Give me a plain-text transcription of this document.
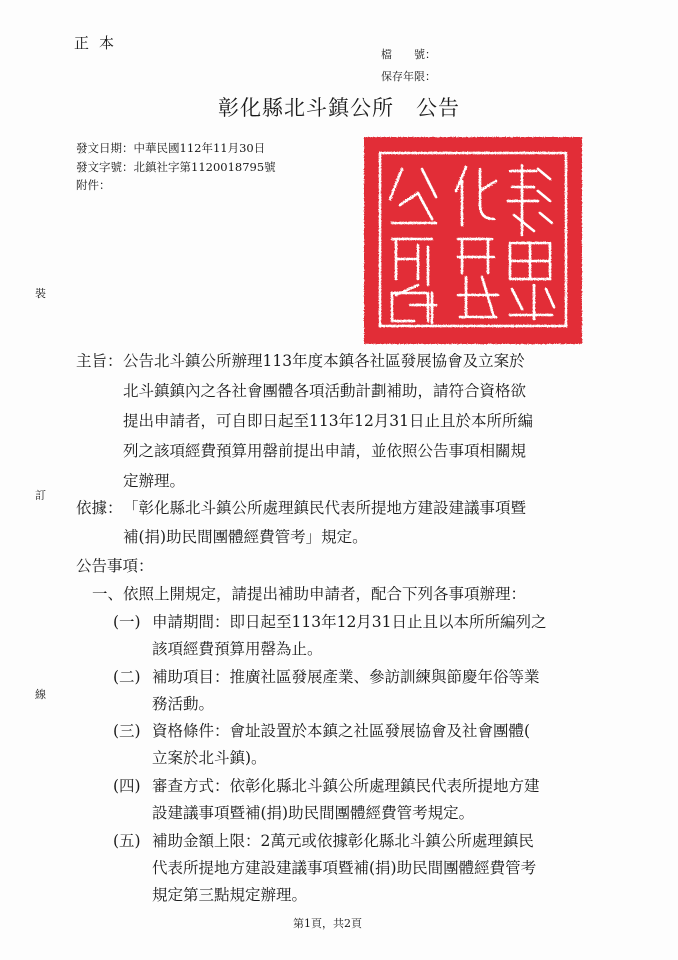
正本
檔　　號：
保存年限：
彰化縣北斗鎮公所　公告
發文日期：中華民國112年11月30日
發文字號：北鎮社字第1120018795號
附件：
裝
訂
線
主旨： 公告北斗鎮公所辦理113年度本鎮各社區發展協會及立案於
北斗鎮鎮內之各社會團體各項活動計劃補助，請符合資格欲
提出申請者，可自即日起至113年12月31日止且於本所所編
列之該項經費預算用罄前提出申請，並依照公告事項相關規
定辦理。
依據： 「彰化縣北斗鎮公所處理鎮民代表所提地方建設建議事項暨
補(捐)助民間團體經費管考」規定。
公告事項：
一、依照上開規定，請提出補助申請者，配合下列各事項辦理：
(一) 申請期間：即日起至113年12月31日止且以本所所編列之
該項經費預算用罄為止。
(二) 補助項目：推廣社區發展產業、參訪訓練與節慶年俗等業
務活動。
(三) 資格條件：會址設置於本鎮之社區發展協會及社會團體(
立案於北斗鎮)。
(四) 審查方式：依彰化縣北斗鎮公所處理鎮民代表所提地方建
設建議事項暨補(捐)助民間團體經費管考規定。
(五) 補助金額上限：2萬元或依據彰化縣北斗鎮公所處理鎮民
代表所提地方建設建議事項暨補(捐)助民間團體經費管考
規定第三點規定辦理。
第1頁，共2頁
